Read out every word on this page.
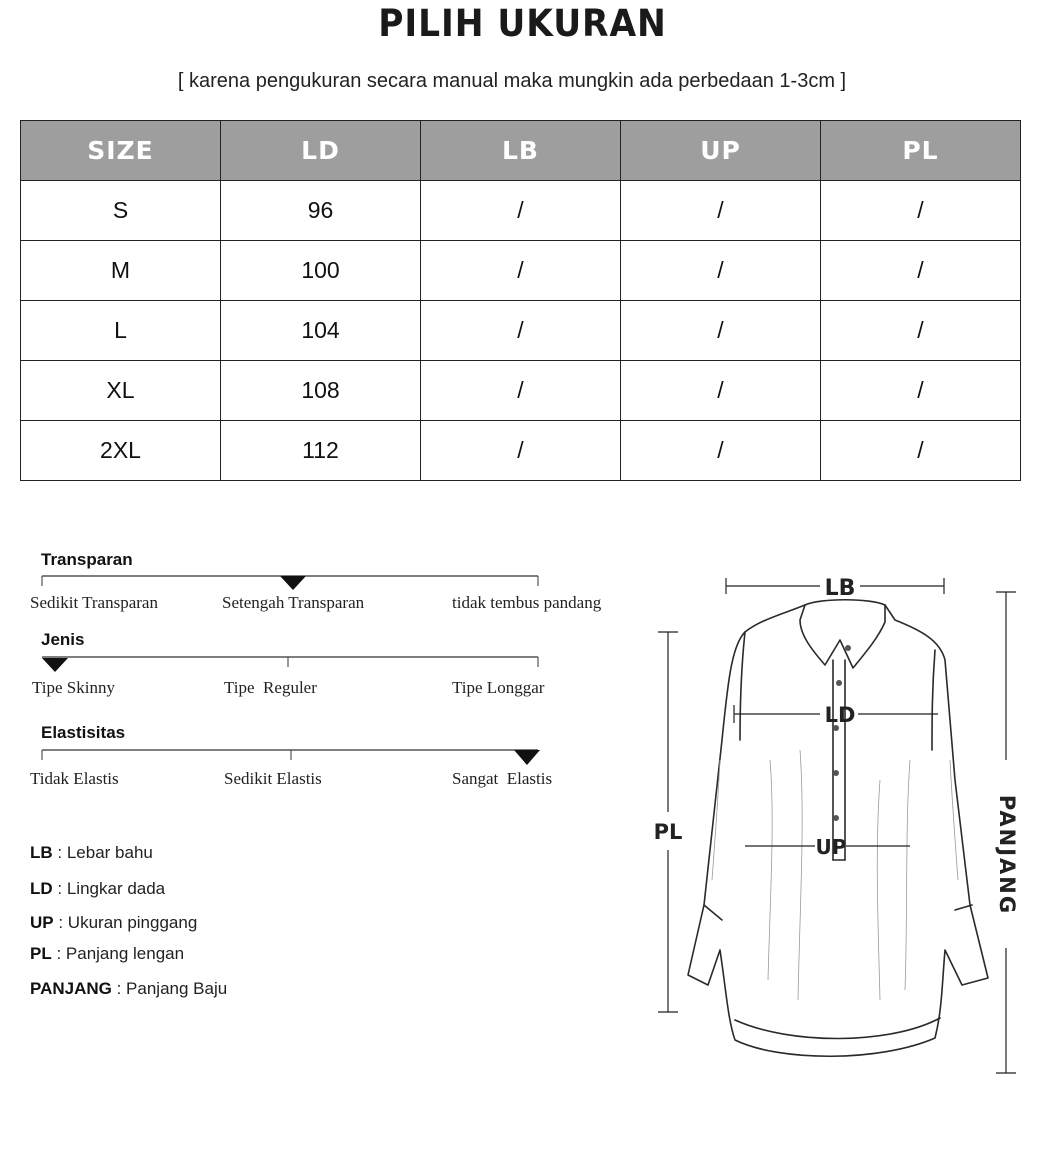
PILIH UKURAN
[ karena pengukuran secara manual maka mungkin ada perbedaan 1-3cm ]
SIZE	LD	LB	UP	PL
S	96	/	/	/
M	100	/	/	/
L	104	/	/	/
XL	108	/	/	/
2XL	112	/	/	/
Transparan
Sedikit Transparan	Setengah Transparan	tidak tembus pandang
Jenis
Tipe Skinny	Tipe  Reguler	Tipe Longgar
Elastisitas
Tidak Elastis	Sedikit Elastis	Sangat  Elastis
LB : Lebar bahu
LD : Lingkar dada
UP : Ukuran pinggang
PL : Panjang lengan
PANJANG : Panjang Baju
LB
LD
UP
PL	PANJANG
